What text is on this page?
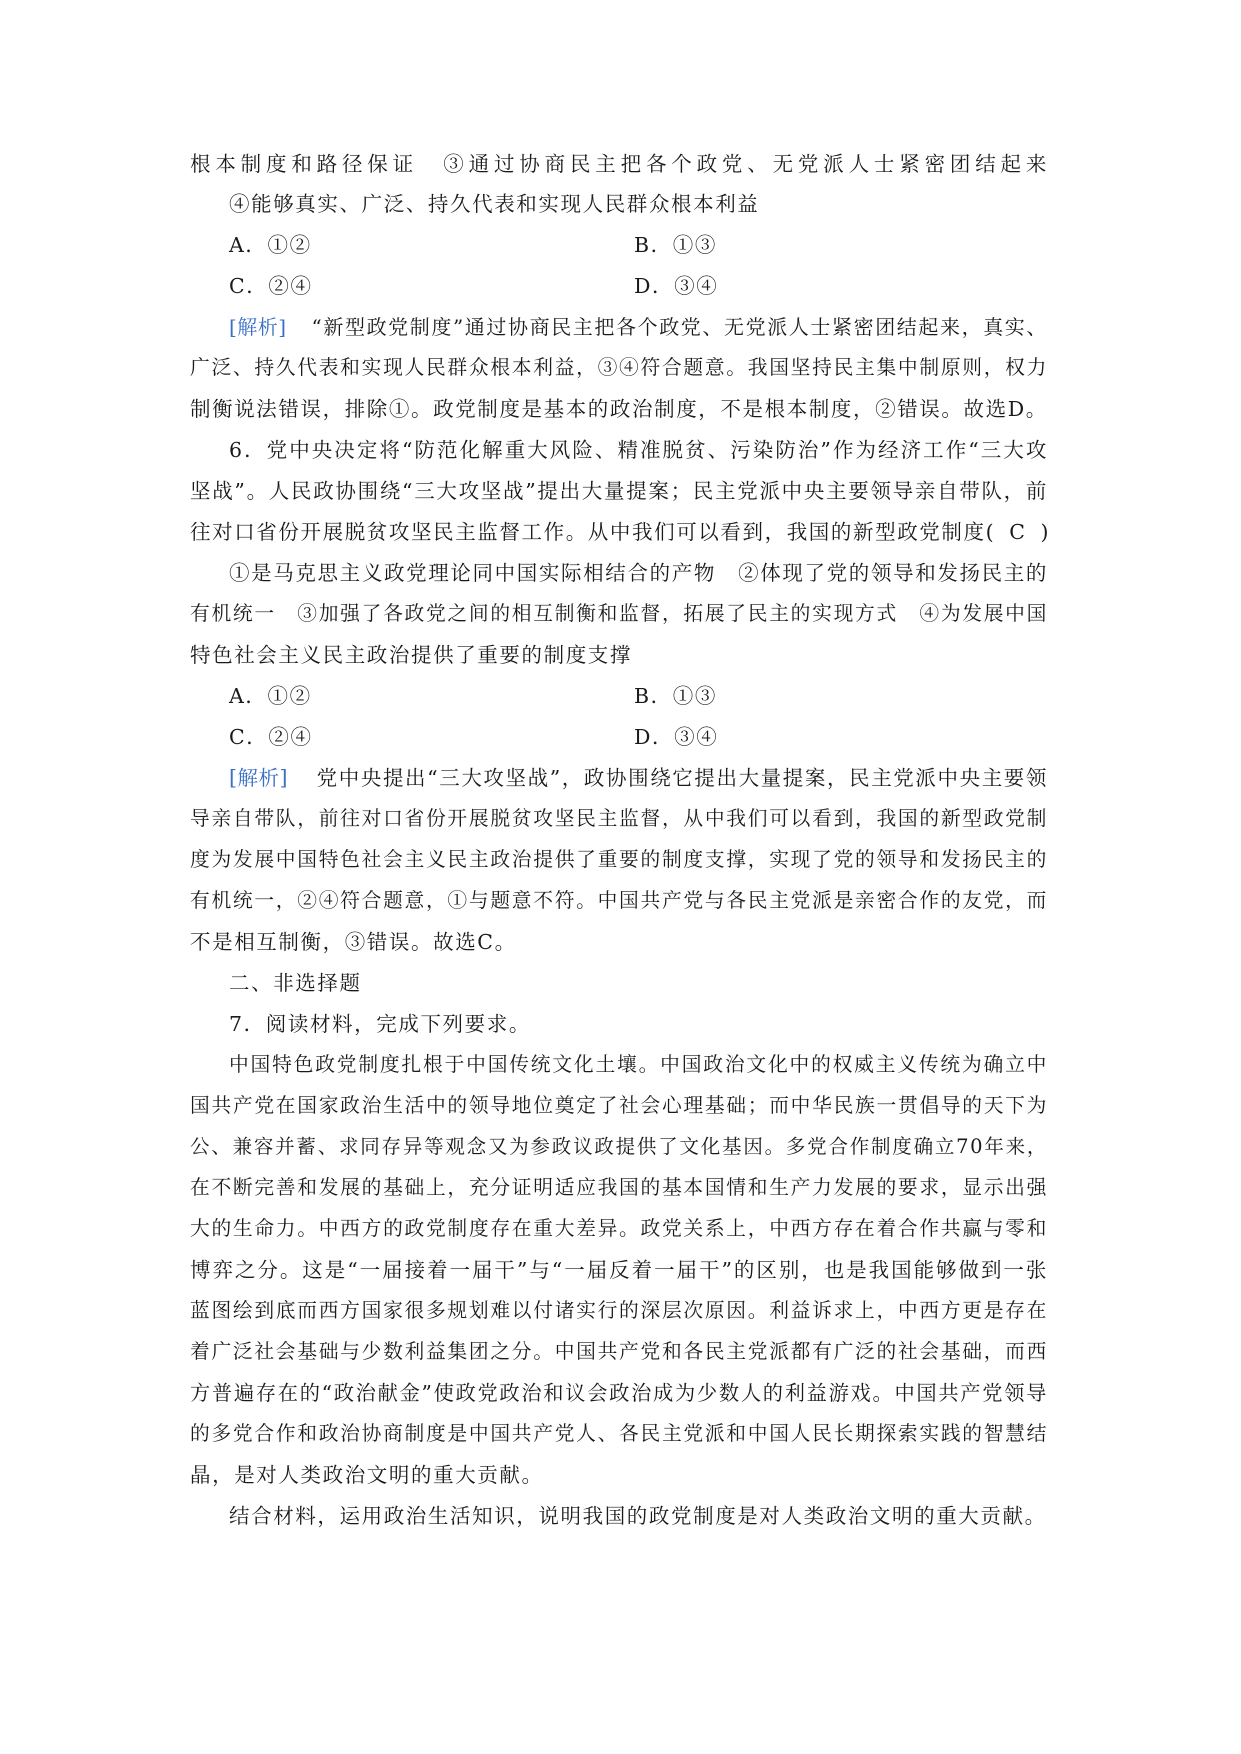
根本制度和路径保证　③通过协商民主把各个政党、无党派人士紧密团结起来
④能够真实、广泛、持久代表和实现人民群众根本利益
A．①②	B．①③
C．②④	D．③④
[解析] “新型政党制度”通过协商民主把各个政党、无党派人士紧密团结起来，真实、
广泛、持久代表和实现人民群众根本利益，③④符合题意。我国坚持民主集中制原则，权力
制衡说法错误，排除①。政党制度是基本的政治制度，不是根本制度，②错误。故选D。
6．党中央决定将“防范化解重大风险、精准脱贫、污染防治”作为经济工作“三大攻
坚战”。人民政协围绕“三大攻坚战”提出大量提案；民主党派中央主要领导亲自带队，前
往对口省份开展脱贫攻坚民主监督工作。从中我们可以看到，我国的新型政党制度( C )
①是马克思主义政党理论同中国实际相结合的产物　②体现了党的领导和发扬民主的
有机统一　③加强了各政党之间的相互制衡和监督，拓展了民主的实现方式　④为发展中国
特色社会主义民主政治提供了重要的制度支撑
A．①②	B．①③
C．②④	D．③④
[解析] 党中央提出“三大攻坚战”，政协围绕它提出大量提案，民主党派中央主要领
导亲自带队，前往对口省份开展脱贫攻坚民主监督，从中我们可以看到，我国的新型政党制
度为发展中国特色社会主义民主政治提供了重要的制度支撑，实现了党的领导和发扬民主的
有机统一，②④符合题意，①与题意不符。中国共产党与各民主党派是亲密合作的友党，而
不是相互制衡，③错误。故选C。
二、非选择题
7．阅读材料，完成下列要求。
中国特色政党制度扎根于中国传统文化土壤。中国政治文化中的权威主义传统为确立中
国共产党在国家政治生活中的领导地位奠定了社会心理基础；而中华民族一贯倡导的天下为
公、兼容并蓄、求同存异等观念又为参政议政提供了文化基因。多党合作制度确立70年来，
在不断完善和发展的基础上，充分证明适应我国的基本国情和生产力发展的要求，显示出强
大的生命力。中西方的政党制度存在重大差异。政党关系上，中西方存在着合作共赢与零和
博弈之分。这是“一届接着一届干”与“一届反着一届干”的区别，也是我国能够做到一张
蓝图绘到底而西方国家很多规划难以付诸实行的深层次原因。利益诉求上，中西方更是存在
着广泛社会基础与少数利益集团之分。中国共产党和各民主党派都有广泛的社会基础，而西
方普遍存在的“政治献金”使政党政治和议会政治成为少数人的利益游戏。中国共产党领导
的多党合作和政治协商制度是中国共产党人、各民主党派和中国人民长期探索实践的智慧结
晶，是对人类政治文明的重大贡献。
结合材料，运用政治生活知识，说明我国的政党制度是对人类政治文明的重大贡献。
